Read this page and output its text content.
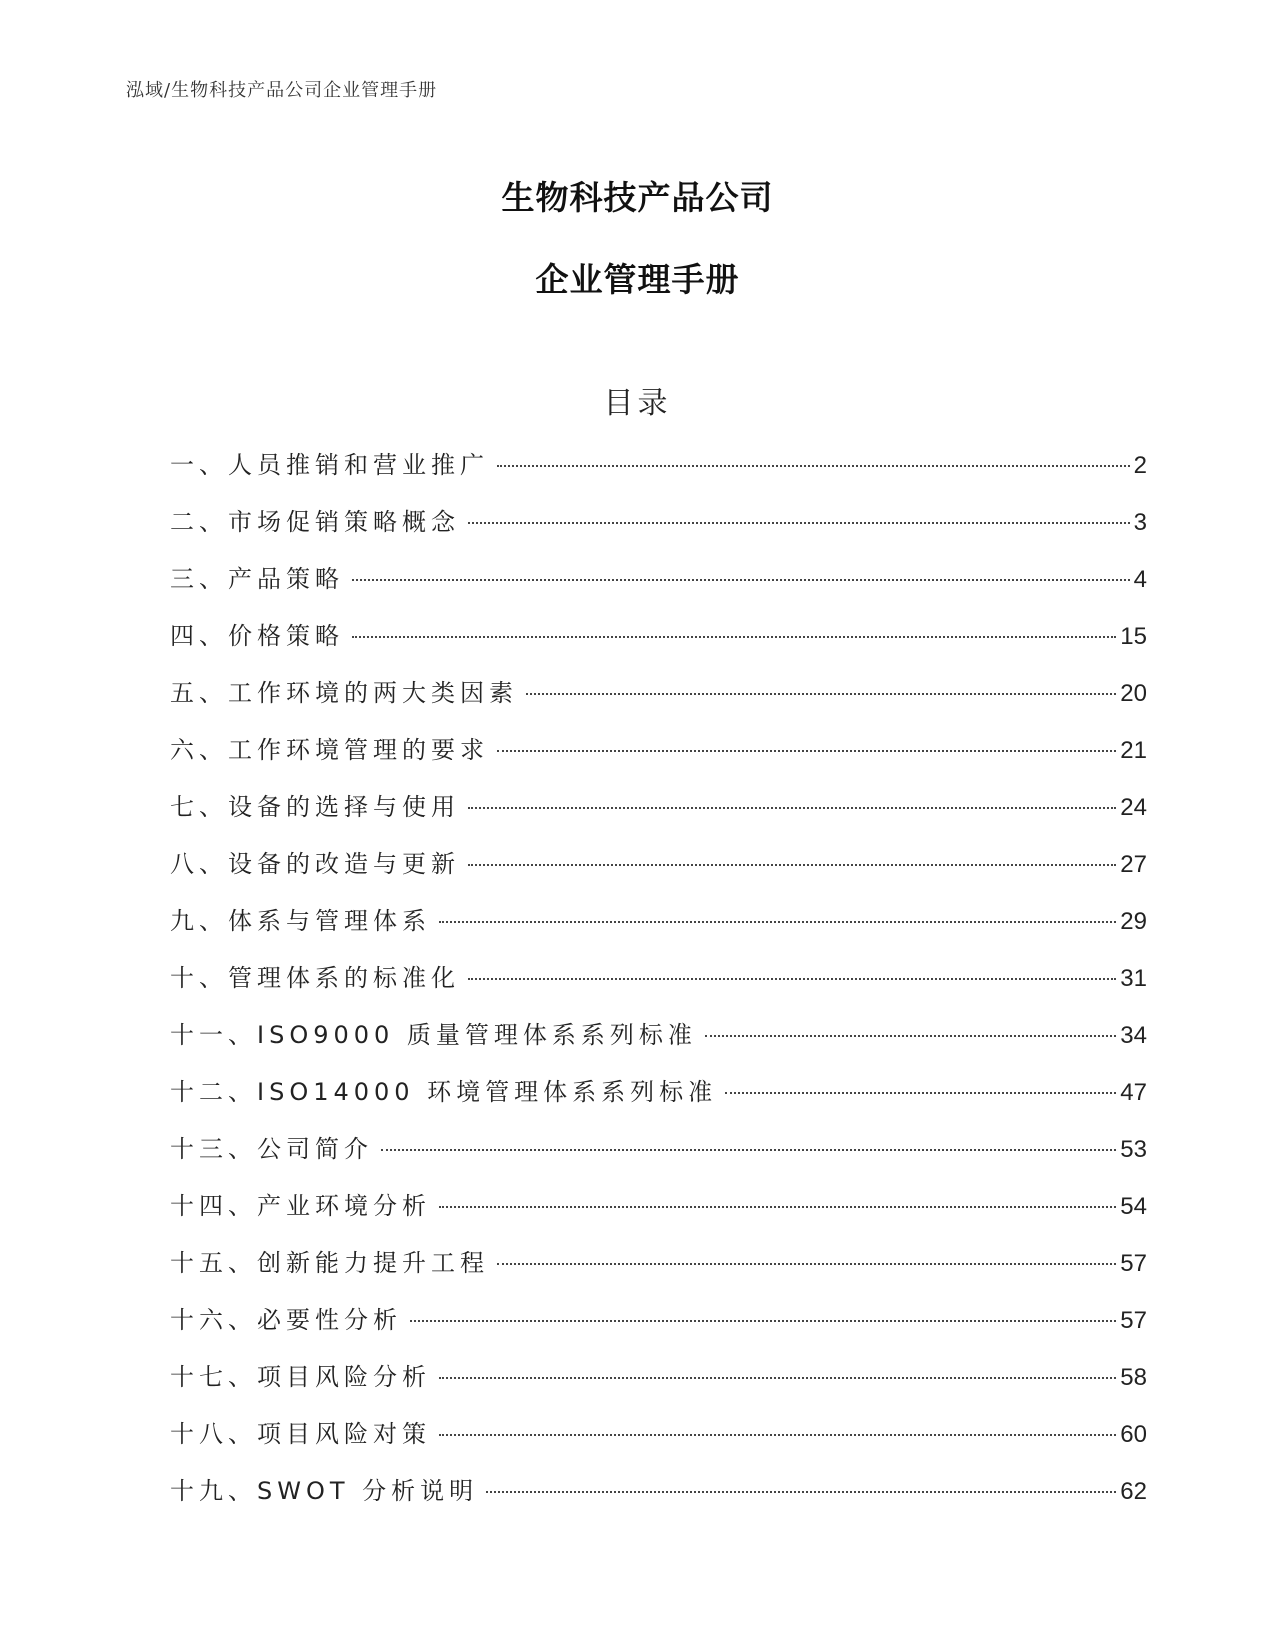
泓域/生物科技产品公司企业管理手册
生物科技产品公司
企业管理手册
目录
一、 人员推销和营业推广	2
二、 市场促销策略概念	3
三、 产品策略	4
四、 价格策略	15
五、 工作环境的两大类因素	20
六、 工作环境管理的要求	21
七、 设备的选择与使用	24
八、 设备的改造与更新	27
九、 体系与管理体系	29
十、 管理体系的标准化	31
十一、 ISO9000 质量管理体系系列标准	34
十二、 ISO14000 环境管理体系系列标准	47
十三、 公司简介	53
十四、 产业环境分析	54
十五、 创新能力提升工程	57
十六、 必要性分析	57
十七、 项目风险分析	58
十八、 项目风险对策	60
十九、 SWOT 分析说明	62
